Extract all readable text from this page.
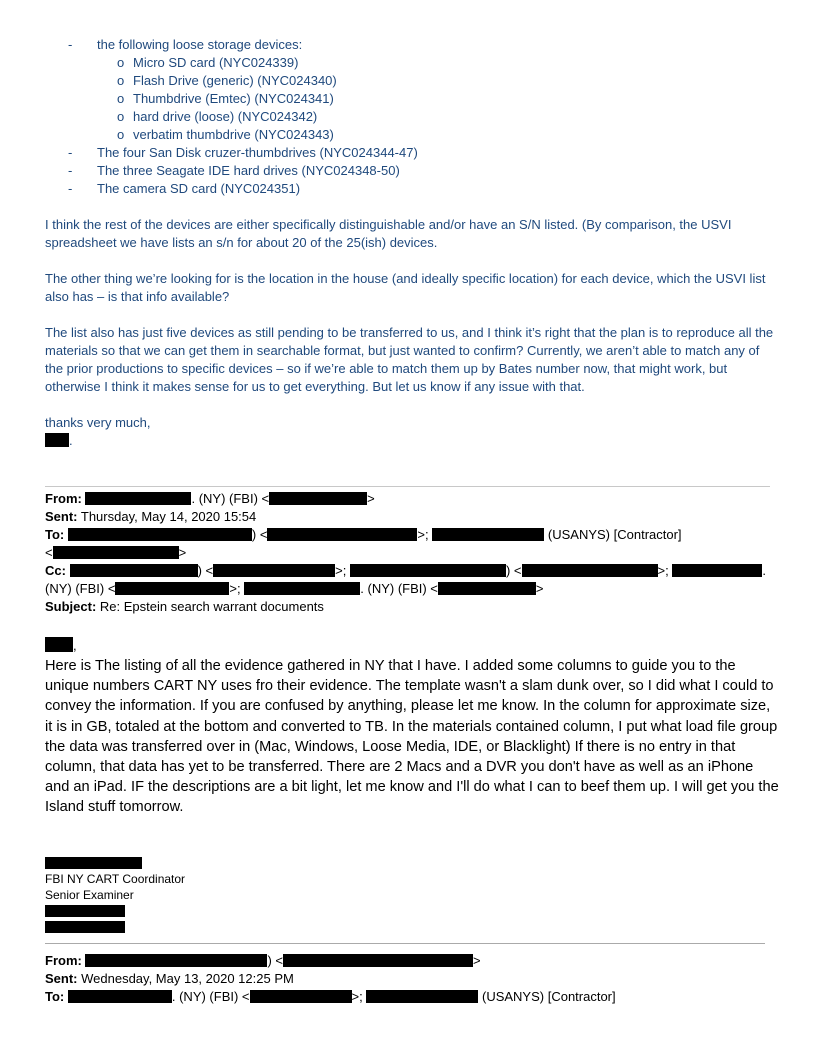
- the following loose storage devices:
o Micro SD card (NYC024339)
o Flash Drive (generic) (NYC024340)
o Thumbdrive (Emtec) (NYC024341)
o hard drive (loose) (NYC024342)
o verbatim thumbdrive (NYC024343)
- The four San Disk cruzer-thumbdrives (NYC024344-47)
- The three Seagate IDE hard drives (NYC024348-50)
- The camera SD card (NYC024351)
I think the rest of the devices are either specifically distinguishable and/or have an S/N listed. (By comparison, the USVI spreadsheet we have lists an s/n for about 20 of the 25(ish) devices.
The other thing we’re looking for is the location in the house (and ideally specific location) for each device, which the USVI list also has – is that info available?
The list also has just five devices as still pending to be transferred to us, and I think it’s right that the plan is to reproduce all the materials so that we can get them in searchable format, but just wanted to confirm? Currently, we aren’t able to match any of the prior productions to specific devices – so if we’re able to match them up by Bates number now, that might work, but otherwise I think it makes sense for us to get everything. But let us know if any issue with that.
thanks very much,
.
From:	. (NY) (FBI) <	>
Sent: Thursday, May 14, 2020 15:54
To:	) <	>;	(USANYS) [Contractor]
<	>
Cc:	) <	>;	) <	>;	.
(NY) (FBI) <	>;	. (NY) (FBI) <	>
Subject: Re: Epstein search warrant documents
,
Here is The listing of all the evidence gathered in NY that I have. I added some columns to guide you to the unique numbers CART NY uses fro their evidence. The template wasn't a slam dunk over, so I did what I could to convey the information. If you are confused by anything, please let me know. In the column for approximate size, it is in GB, totaled at the bottom and converted to TB. In the materials contained column, I put what load file group the data was transferred over in (Mac, Windows, Loose Media, IDE, or Blacklight) If there is no entry in that column, that data has yet to be transferred. There are 2 Macs and a DVR you don't have as well as an iPhone and an iPad. IF the descriptions are a bit light, let me know and I'll do what I can to beef them up. I will get you the Island stuff tomorrow.
FBI NY CART Coordinator
Senior Examiner
From:	) <	>
Sent: Wednesday, May 13, 2020 12:25 PM
To:	. (NY) (FBI) <	>;	(USANYS) [Contractor]
